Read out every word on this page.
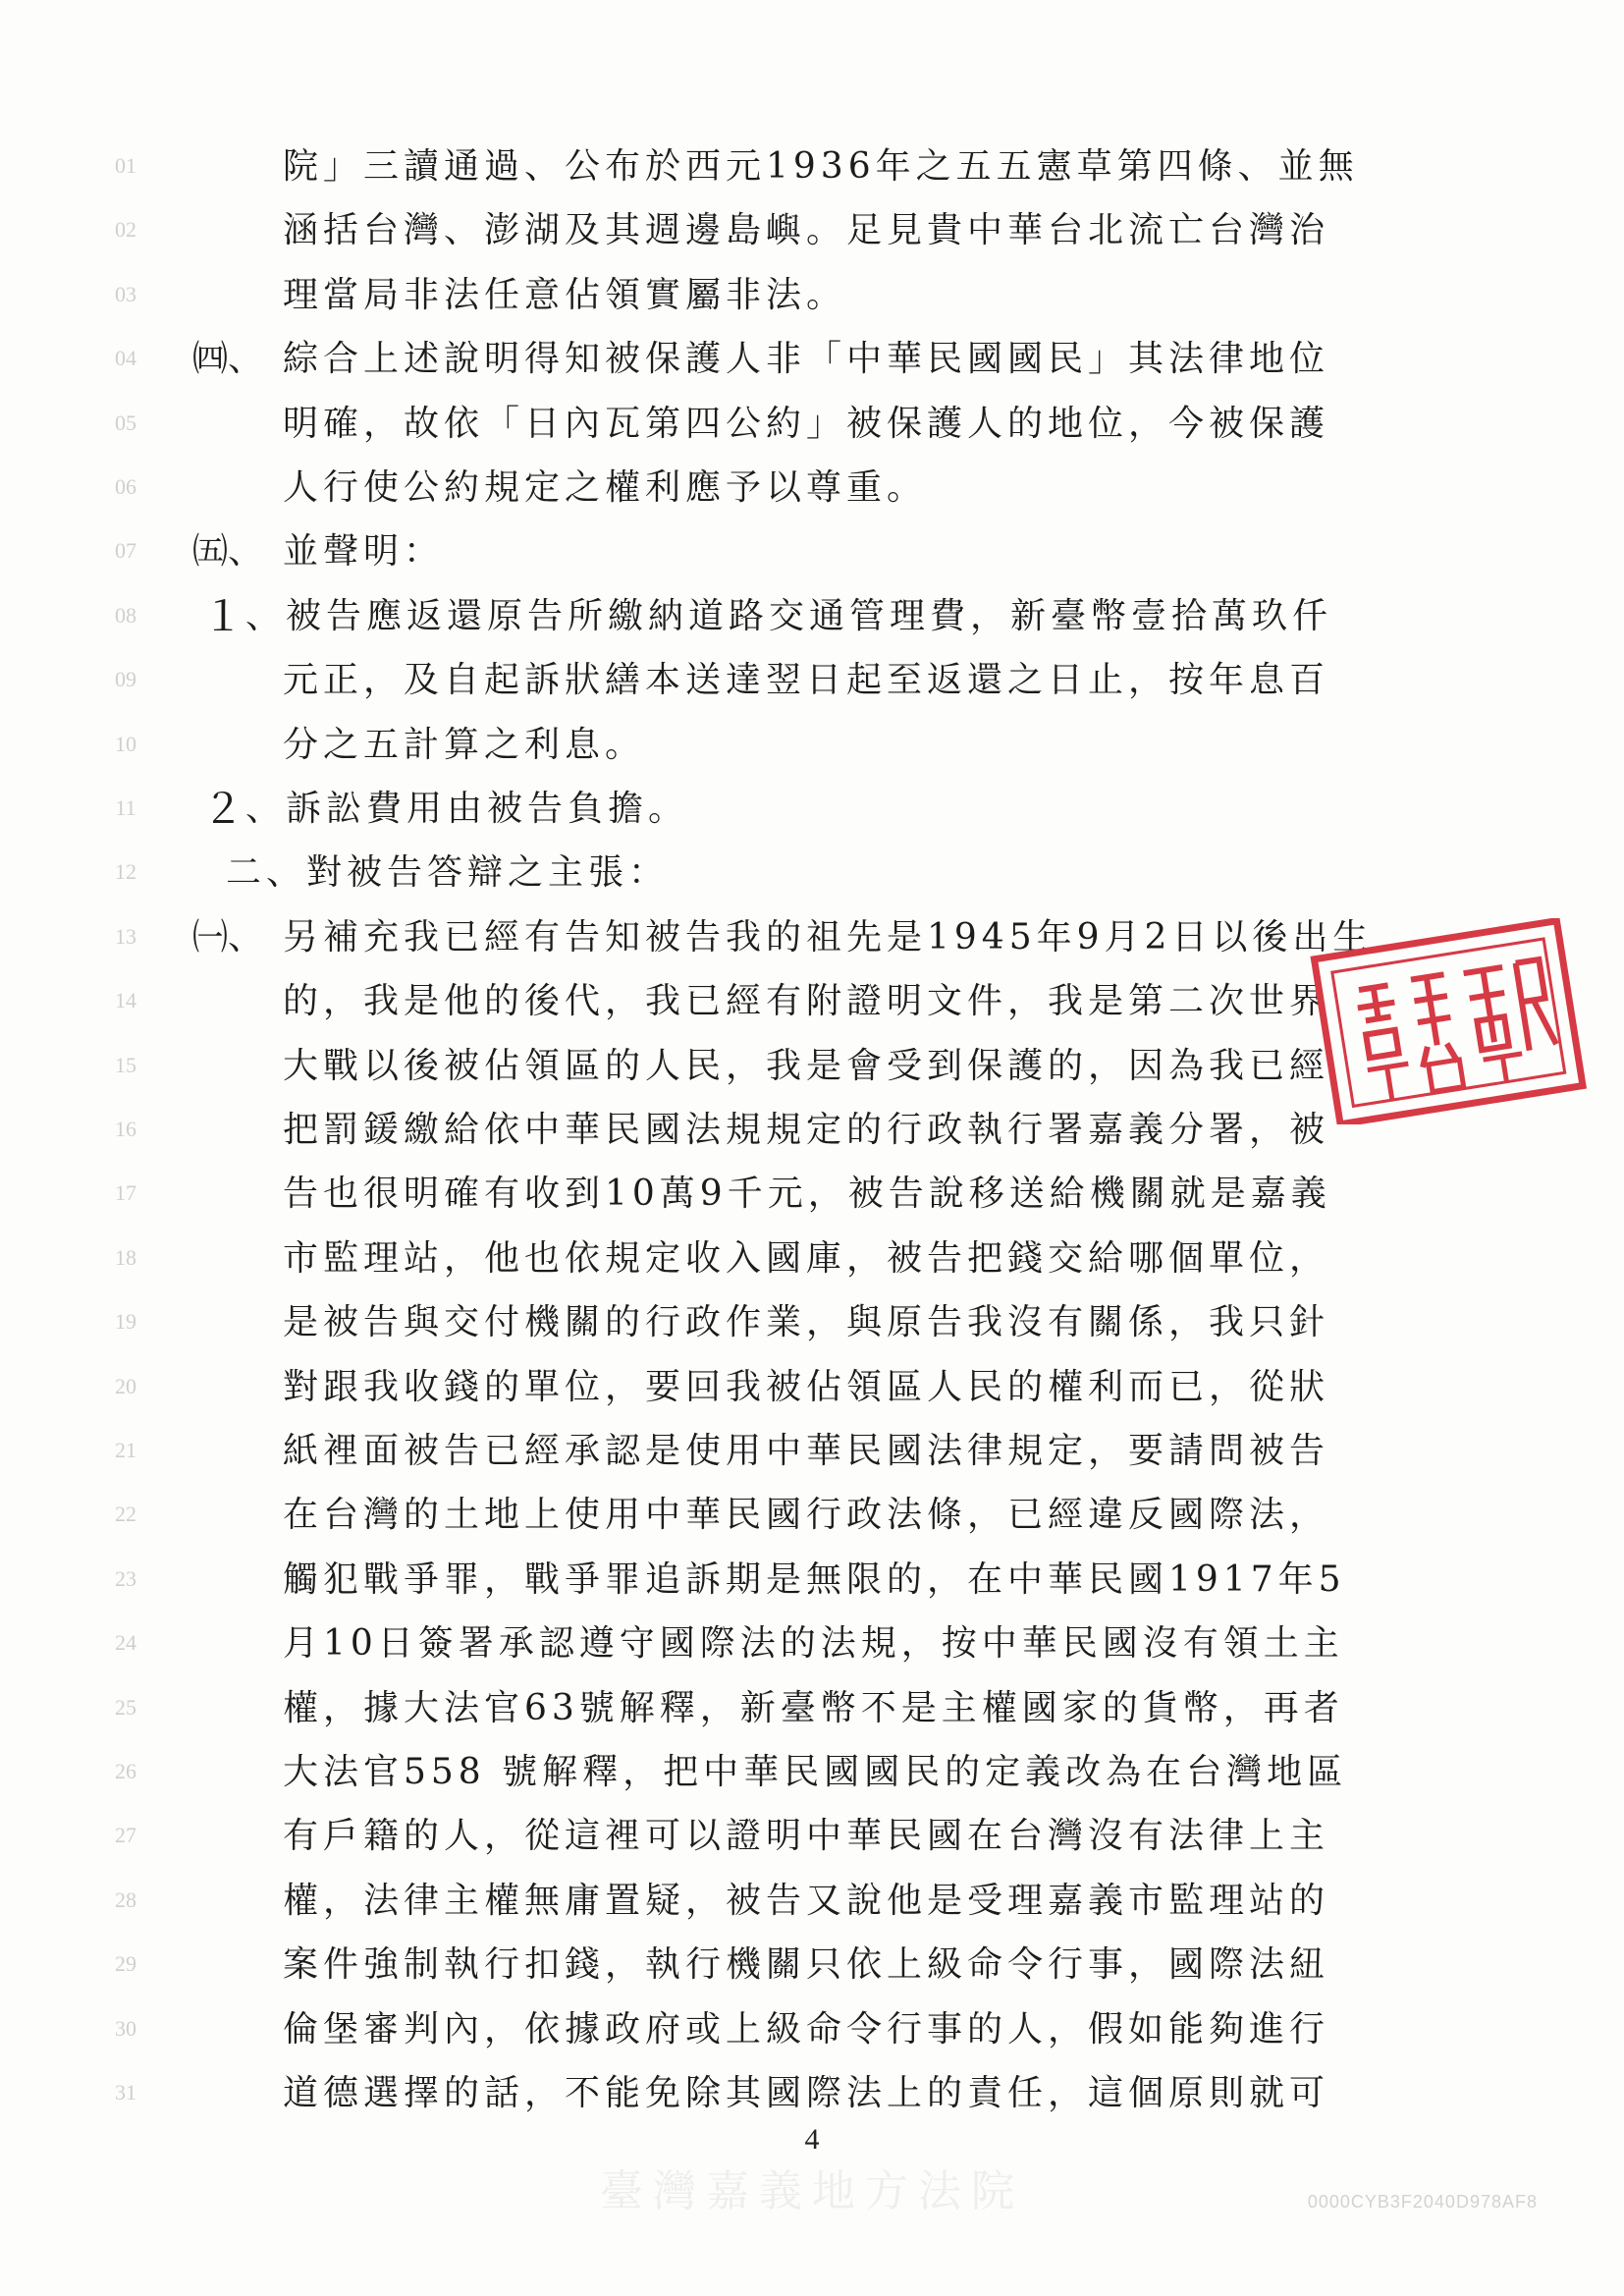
01	院」三讀通過、公布於西元1936年之五五憲草第四條、並無
02	涵括台灣、澎湖及其週邊島嶼。足見貴中華台北流亡台灣治
03	理當局非法任意佔領實屬非法。
04 ㈣、 綜合上述說明得知被保護人非「中華民國國民」其法律地位
05	明確，故依「日內瓦第四公約」被保護人的地位，今被保護
06	人行使公約規定之權利應予以尊重。
07 ㈤、 並聲明：
08 １ 、被告應返還原告所繳納道路交通管理費，新臺幣壹拾萬玖仟
09	元正，及自起訴狀繕本送達翌日起至返還之日止，按年息百
10	分之五計算之利息。
11 ２ 、訴訟費用由被告負擔。
12	二、對被告答辯之主張：
13 ㈠、 另補充我已經有告知被告我的祖先是1945年9月2日以後出生
14	的，我是他的後代，我已經有附證明文件，我是第二次世界
15	大戰以後被佔領區的人民，我是會受到保護的，因為我已經
16	把罰鍰繳給依中華民國法規規定的行政執行署嘉義分署，被
17	告也很明確有收到10萬9千元，被告說移送給機關就是嘉義
18	市監理站，他也依規定收入國庫，被告把錢交給哪個單位，
19	是被告與交付機關的行政作業，與原告我沒有關係，我只針
20	對跟我收錢的單位，要回我被佔領區人民的權利而已，從狀
21	紙裡面被告已經承認是使用中華民國法律規定，要請問被告
22	在台灣的土地上使用中華民國行政法條，已經違反國際法，
23	觸犯戰爭罪，戰爭罪追訴期是無限的，在中華民國1917年5
24	月10日簽署承認遵守國際法的法規，按中華民國沒有領土主
25	權，據大法官63號解釋，新臺幣不是主權國家的貨幣，再者
26	大法官558 號解釋，把中華民國國民的定義改為在台灣地區
27	有戶籍的人，從這裡可以證明中華民國在台灣沒有法律上主
28	權，法律主權無庸置疑，被告又說他是受理嘉義市監理站的
29	案件強制執行扣錢，執行機關只依上級命令行事，國際法紐
30	倫堡審判內，依據政府或上級命令行事的人，假如能夠進行
31	道德選擇的話，不能免除其國際法上的責任，這個原則就可
4
臺灣嘉義地方法院	0000CYB3F2040D978AF8
